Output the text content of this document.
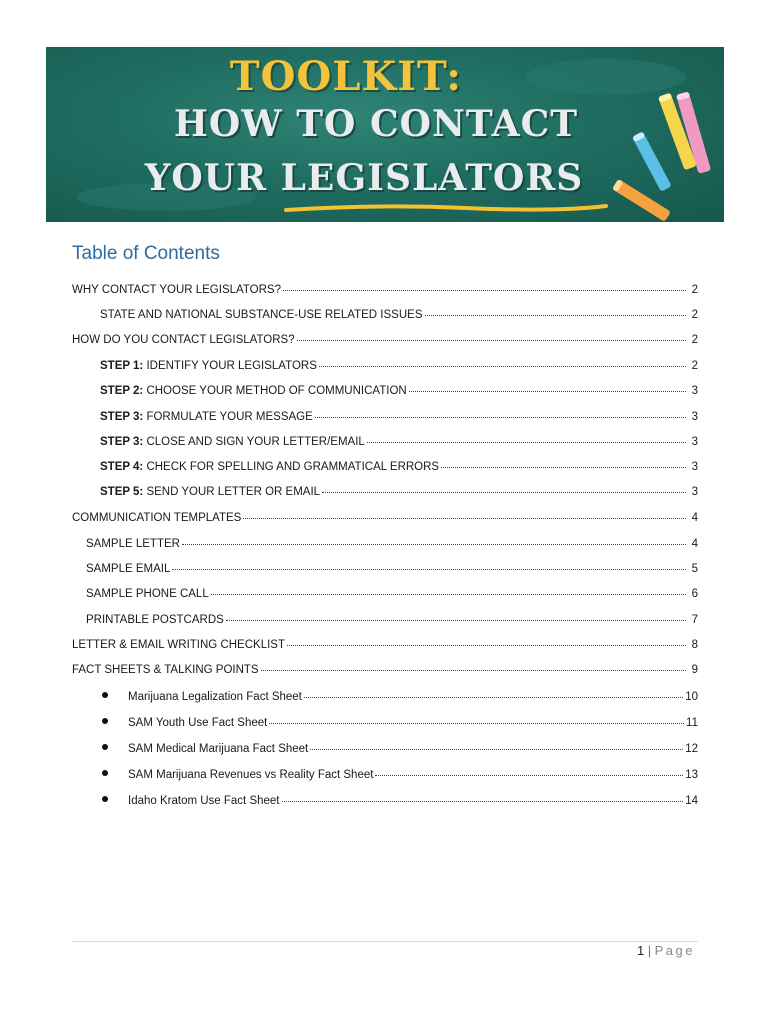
TOOLKIT:
HOW TO CONTACT
YOUR LEGISLATORS
Table of Contents
WHY CONTACT YOUR LEGISLATORS?	2
STATE AND NATIONAL SUBSTANCE-USE RELATED ISSUES	2
HOW DO YOU CONTACT LEGISLATORS?	2
STEP 1: IDENTIFY YOUR LEGISLATORS	2
STEP 2: CHOOSE YOUR METHOD OF COMMUNICATION	3
STEP 3: FORMULATE YOUR MESSAGE	3
STEP 3: CLOSE AND SIGN YOUR LETTER/EMAIL	3
STEP 4: CHECK FOR SPELLING AND GRAMMATICAL ERRORS	3
STEP 5: SEND YOUR LETTER OR EMAIL	3
COMMUNICATION TEMPLATES	4
SAMPLE LETTER	4
SAMPLE EMAIL	5
SAMPLE PHONE CALL	6
PRINTABLE POSTCARDS	7
LETTER & EMAIL WRITING CHECKLIST	8
FACT SHEETS & TALKING POINTS	9
Marijuana Legalization Fact Sheet	10
SAM Youth Use Fact Sheet	11
SAM Medical Marijuana Fact Sheet	12
SAM Marijuana Revenues vs Reality Fact Sheet	13
Idaho Kratom Use Fact Sheet	14
1 | Page
